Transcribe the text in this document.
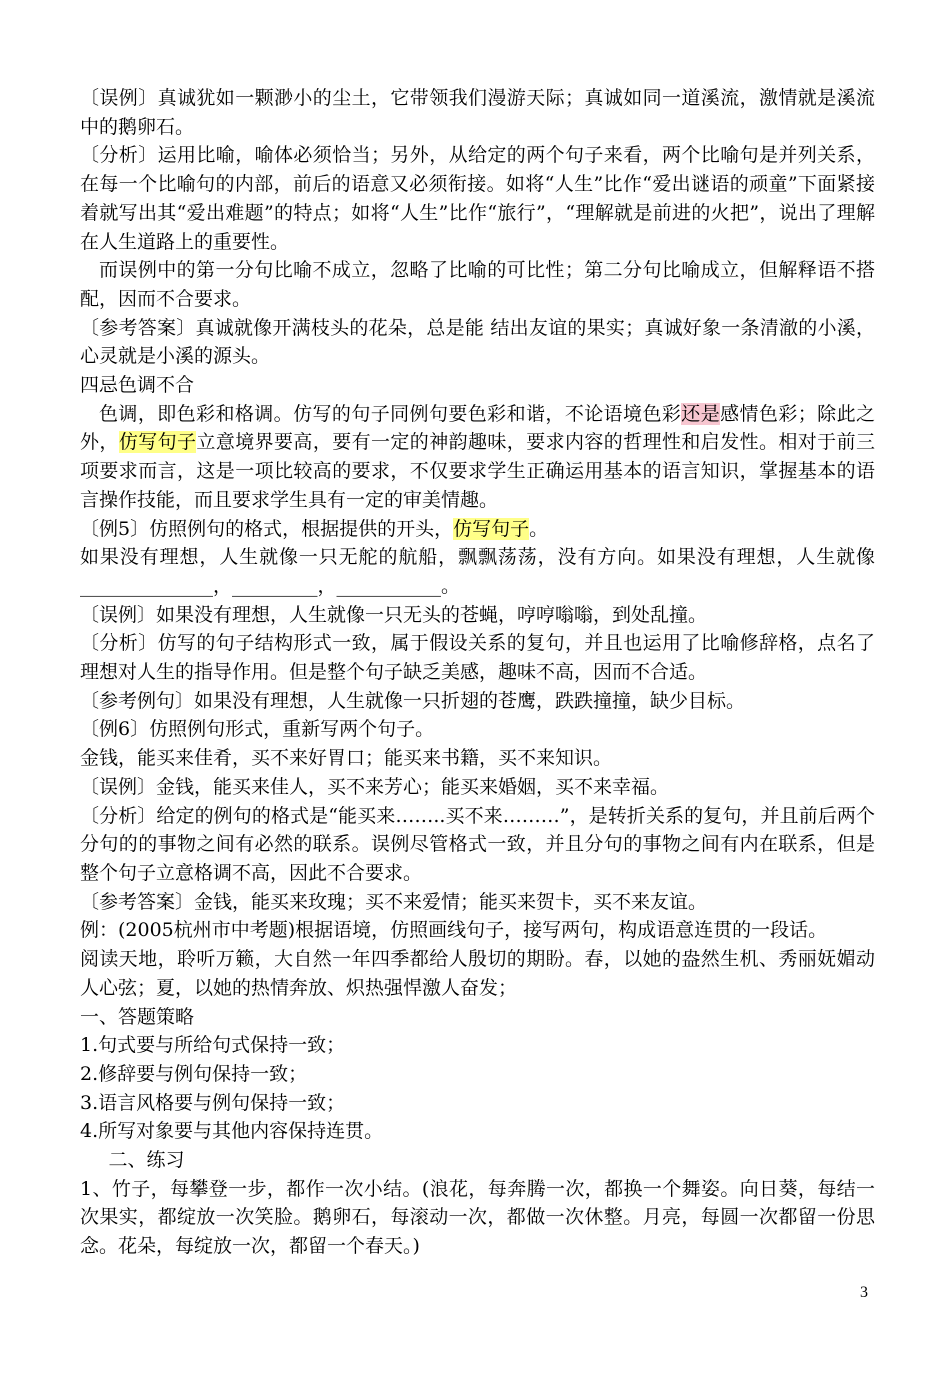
〔误例〕真诚犹如一颗渺小的尘土，它带领我们漫游天际；真诚如同一道溪流，激情就是溪流中的鹅卵石。

〔分析〕运用比喻，喻体必须恰当；另外，从给定的两个句子来看，两个比喻句是并列关系，在每一个比喻句的内部，前后的语意又必须衔接。如将“人生”比作“爱出谜语的顽童”下面紧接着就写出其“爱出难题”的特点；如将“人生”比作“旅行”，“理解就是前进的火把”，说出了理解在人生道路上的重要性。

而误例中的第一分句比喻不成立，忽略了比喻的可比性；第二分句比喻成立，但解释语不搭配，因而不合要求。

〔参考答案〕真诚就像开满枝头的花朵，总是能 结出友谊的果实；真诚好象一条清澈的小溪，心灵就是小溪的源头。

四忌色调不合

色调，即色彩和格调。仿写的句子同例句要色彩和谐，不论语境色彩还是感情色彩；除此之外，仿写句子立意境界要高，要有一定的神韵趣味，要求内容的哲理性和启发性。相对于前三项要求而言，这是一项比较高的要求，不仅要求学生正确运用基本的语言知识，掌握基本的语言操作技能，而且要求学生具有一定的审美情趣。

〔例5〕仿照例句的格式，根据提供的开头，仿写句子。

如果没有理想，人生就像一只无舵的航船，飘飘荡荡，没有方向。如果没有理想，人生就像______________，_________，___________。

〔误例〕如果没有理想，人生就像一只无头的苍蝇，哼哼嗡嗡，到处乱撞。

〔分析〕仿写的句子结构形式一致，属于假设关系的复句，并且也运用了比喻修辞格，点名了理想对人生的指导作用。但是整个句子缺乏美感，趣味不高，因而不合适。

〔参考例句〕如果没有理想，人生就像一只折翅的苍鹰，跌跌撞撞，缺少目标。

〔例6〕仿照例句形式，重新写两个句子。

金钱，能买来佳肴，买不来好胃口；能买来书籍，买不来知识。

〔误例〕金钱，能买来佳人，买不来芳心；能买来婚姻，买不来幸福。

〔分析〕给定的例句的格式是“能买来……..买不来………”，是转折关系的复句，并且前后两个分句的的事物之间有必然的联系。误例尽管格式一致，并且分句的事物之间有内在联系，但是整个句子立意格调不高，因此不合要求。

〔参考答案〕金钱，能买来玫瑰；买不来爱情；能买来贺卡，买不来友谊。

例：(2005杭州市中考题)根据语境，仿照画线句子，接写两句，构成语意连贯的一段话。

阅读天地，聆听万籁，大自然一年四季都给人殷切的期盼。春，以她的盎然生机、秀丽妩媚动人心弦；夏，以她的热情奔放、炽热强悍激人奋发；

一、答题策略

1.句式要与所给句式保持一致；

2.修辞要与例句保持一致；

3.语言风格要与例句保持一致；

4.所写对象要与其他内容保持连贯。

二、练习

1、竹子，每攀登一步，都作一次小结。(浪花，每奔腾一次，都换一个舞姿。向日葵，每结一次果实，都绽放一次笑脸。鹅卵石，每滚动一次，都做一次休整。月亮，每圆一次都留一份思念。花朵，每绽放一次，都留一个春天。)

3
